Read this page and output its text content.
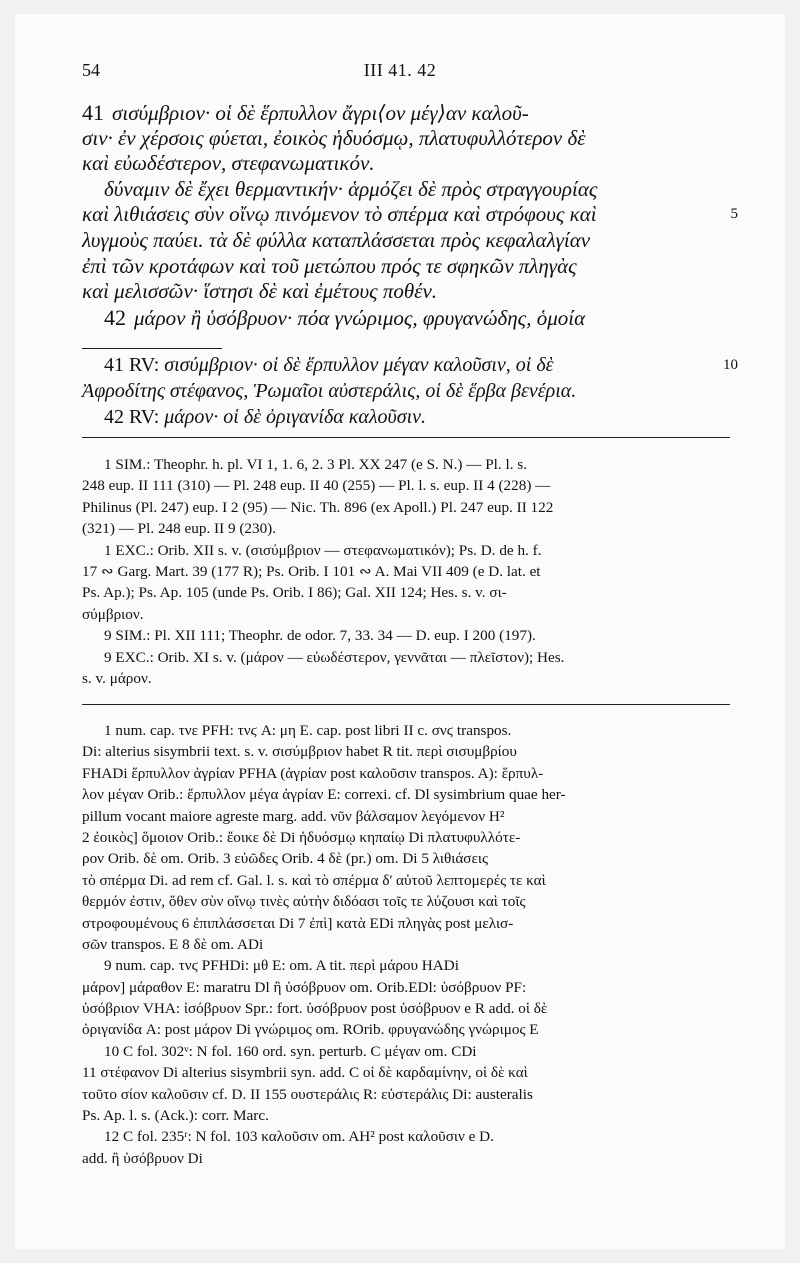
54	III 41. 42
41 σισύμβριον· οἱ δὲ ἕρπυλλον ἄγρι⟨ον μέγ⟩αν καλοῦ-
σιν· ἐν χέρσοις φύεται, ἐοικὸς ἡδυόσμῳ, πλατυφυλλότερον δὲ
καὶ εὐωδέστερον, στεφανωματικόν.
δύναμιν δὲ ἔχει θερμαντικήν· ἁρμόζει δὲ πρὸς στραγγουρίας
καὶ λιθιάσεις σὺν οἴνῳ πινόμενον τὸ σπέρμα καὶ στρόφους καὶ	5
λυγμοὺς παύει. τὰ δὲ φύλλα καταπλάσσεται πρὸς κεφαλαλγίαν
ἐπὶ τῶν κροτάφων καὶ τοῦ μετώπου πρός τε σφηκῶν πληγὰς
καὶ μελισσῶν· ἵστησι δὲ καὶ ἐμέτους ποθέν.
42 μάρον ἢ ὑσόβρυον· πόα γνώριμος, φρυγανώδης, ὁμοία
41 RV: σισύμβριον· οἱ δὲ ἕρπυλλον μέγαν καλοῦσιν, οἱ δὲ	10
Ἀφροδίτης στέφανος, Ῥωμαῖοι αὐστεράλις, οἱ δὲ ἕρβα βενέρια.
42 RV: μάρον· οἱ δὲ ὀριγανίδα καλοῦσιν.
1 SIM.: Theophr. h. pl. VI 1, 1. 6, 2. 3 Pl. XX 247 (e S. N.) — Pl. l. s.
248 eup. II 111 (310) — Pl. 248 eup. II 40 (255) — Pl. l. s. eup. II 4 (228) —
Philinus (Pl. 247) eup. I 2 (95) — Nic. Th. 896 (ex Apoll.) Pl. 247 eup. II 122
(321) — Pl. 248 eup. II 9 (230).
1 EXC.: Orib. XII s. v. (σισύμβριον — στεφανωματικόν); Ps. D. de h. f.
17 ∾ Garg. Mart. 39 (177 R); Ps. Orib. I 101 ∾ A. Mai VII 409 (e D. lat. et
Ps. Ap.); Ps. Ap. 105 (unde Ps. Orib. I 86); Gal. XII 124; Hes. s. v. σι-
σύμβριον.
9 SIM.: Pl. XII 111; Theophr. de odor. 7, 33. 34 — D. eup. I 200 (197).
9 EXC.: Orib. XI s. v. (μάρον — εὐωδέστερον, γεννᾶται — πλεῖστον); Hes.
s. v. μάρον.
1 num. cap. τνε PFH: τνϛ A: μη E. cap. post libri II c. σνϛ transpos.
Di: alterius sisymbrii text. s. v. σισύμβριον habet R tit. περὶ σισυμβρίου
FHADi ἕρπυλλον ἀγρίαν PFHA (ἀγρίαν post καλοῦσιν transpos. A): ἕρπυλ-
λον μέγαν Orib.: ἕρπυλλον μέγα ἀγρίαν E: correxi. cf. Dl sysimbrium quae her-
pillum vocant maiore agreste marg. add. νῦν βάλσαμον λεγόμενον H²
2 ἐοικὸς] ὅμοιον Orib.: ἔοικε δὲ Di ἡδυόσμῳ κηπαίῳ Di πλατυφυλλότε-
ρον Orib. δὲ om. Orib. 3 εὐῶδες Orib. 4 δὲ (pr.) om. Di 5 λιθιάσεις
τὸ σπέρμα Di. ad rem cf. Gal. l. s. καὶ τὸ σπέρμα δ' αὐτοῦ λεπτομερές τε καὶ
θερμόν ἐστιν, ὅθεν σὺν οἴνῳ τινὲς αὐτὴν διδόασι τοῖς τε λύζουσι καὶ τοῖς
στροφουμένους 6 ἐπιπλάσσεται Di 7 ἐπὶ] κατὰ EDi πληγὰς post μελισ-
σῶν transpos. E 8 δὲ om. ADi
9 num. cap. τνϛ PFHDi: μθ E: om. A tit. περὶ μάρου HADi
μάρον] μάραθον E: maratru Dl ἢ ὑσόβρυον om. Orib.EDl: ὑσόβρυον PF:
ὑσόβριον VHA: ἰσόβρυον Spr.: fort. ὑσόβρυον post ὑσόβρυον e R add. οἱ δὲ
ὀριγανίδα A: post μάρον Di γνώριμος om. ROrib. φρυγανώδης γνώριμος E
10 C fol. 302ᵛ: N fol. 160 ord. syn. perturb. C μέγαν om. CDi
11 στέφανον Di alterius sisymbrii syn. add. C οἱ δὲ καρδαμίνην, οἱ δὲ καὶ
τοῦτο σίον καλοῦσιν cf. D. II 155 ουστεράλις R: εὐστεράλις Di: austeralis
Ps. Ap. l. s. (Ack.): corr. Marc.
12 C fol. 235ʳ: N fol. 103 καλοῦσιν om. AH² post καλοῦσιν e D.
add. ἢ ὑσόβρυον Di
